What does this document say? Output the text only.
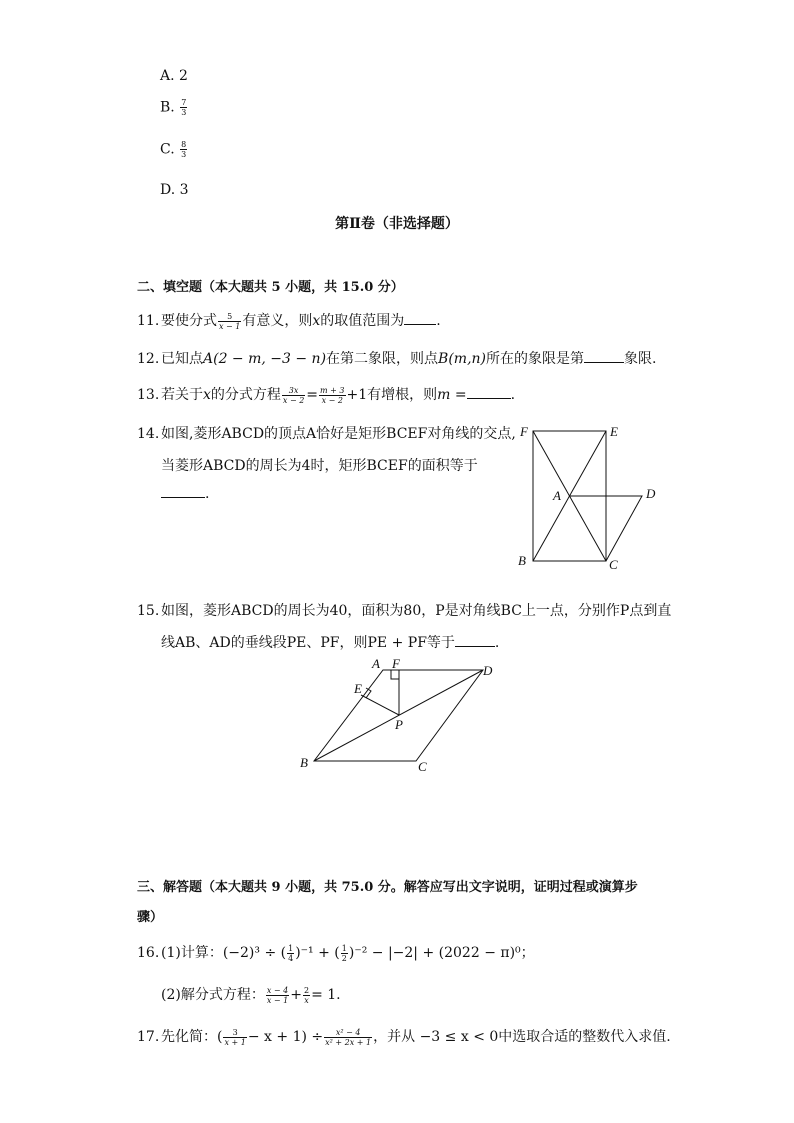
A. 2
B. $\frac{7}{3}$
C. $\frac{8}{3}$
D. 3
第Ⅱ卷（非选择题）
二、填空题（本大题共 5 小题，共 15.0 分）
11. 要使分式 $\frac{5}{x - 1}$ 有意义，则x的取值范围为 .
12. 已知点A(2 − m, −3 − n)在第二象限，则点B(m,n)所在的象限是第	象限.
13. 若关于x的分式方程 $\frac{3x}{x - 2} = \frac{m + 3}{x - 2} +1$有增根，则m =	.
14. 如图,菱形ABCD的顶点A恰好是矩形BCEF对角线的交点,
当菱形ABCD的周长为4时，矩形BCEF的面积等于
.
F	E
A	D
B	C
15. 如图，菱形ABCD的周长为40，面积为80，P是对角线BC上一点，分别作P点到直
线AB、AD的垂线段PE、PF，则PE + PF等于	.
A F	D
E
P
B	C
三、解答题（本大题共 9 小题，共 75.0 分。解答应写出文字说明，证明过程或演算步
骤）
16. (1)计算：(−2)³ ÷ ( $\frac{1}{4} )^{-1}$ + ( $\frac{1}{2} )^{-2} - |-2| + (2022 - \pi)^0$；
(2)解分式方程： $\frac{x - 4}{x - 1} + \frac{2}{x} = 1$.
17. 先化简：( $\frac{3}{x + 1} - x + 1) \div \frac{\text{x² − 4}}{\text{x² + 2x + 1}}$ ，并从 −3 ≤ x < 0中选取合适的整数代入求值.
